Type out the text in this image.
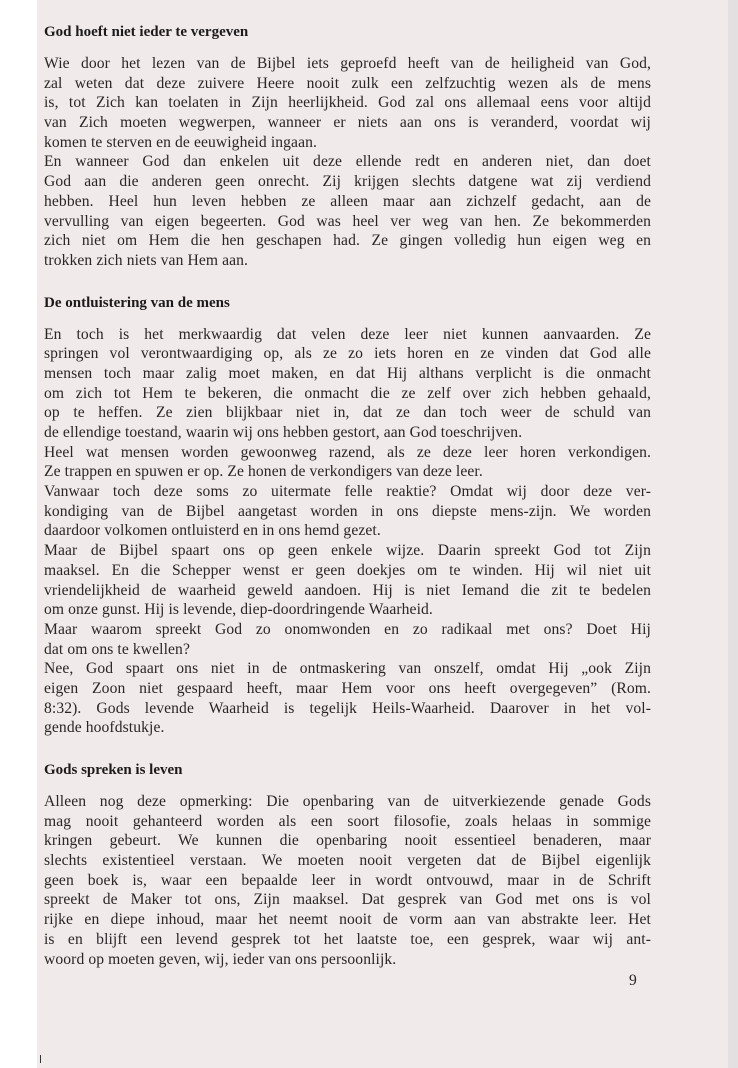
God hoeft niet ieder te vergeven
Wie door het lezen van de Bijbel iets geproefd heeft van de heiligheid van God,
zal weten dat deze zuivere Heere nooit zulk een zelfzuchtig wezen als de mens
is, tot Zich kan toelaten in Zijn heerlijkheid. God zal ons allemaal eens voor altijd
van Zich moeten wegwerpen, wanneer er niets aan ons is veranderd, voordat wij
komen te sterven en de eeuwigheid ingaan.
En wanneer God dan enkelen uit deze ellende redt en anderen niet, dan doet
God aan die anderen geen onrecht. Zij krijgen slechts datgene wat zij verdiend
hebben. Heel hun leven hebben ze alleen maar aan zichzelf gedacht, aan de
vervulling van eigen begeerten. God was heel ver weg van hen. Ze bekommerden
zich niet om Hem die hen geschapen had. Ze gingen volledig hun eigen weg en
trokken zich niets van Hem aan.
De ontluistering van de mens
En toch is het merkwaardig dat velen deze leer niet kunnen aanvaarden. Ze
springen vol verontwaardiging op, als ze zo iets horen en ze vinden dat God alle
mensen toch maar zalig moet maken, en dat Hij althans verplicht is die onmacht
om zich tot Hem te bekeren, die onmacht die ze zelf over zich hebben gehaald,
op te heffen. Ze zien blijkbaar niet in, dat ze dan toch weer de schuld van
de ellendige toestand, waarin wij ons hebben gestort, aan God toeschrijven.
Heel wat mensen worden gewoonweg razend, als ze deze leer horen verkondigen.
Ze trappen en spuwen er op. Ze honen de verkondigers van deze leer.
Vanwaar toch deze soms zo uitermate felle reaktie? Omdat wij door deze ver-
kondiging van de Bijbel aangetast worden in ons diepste mens-zijn. We worden
daardoor volkomen ontluisterd en in ons hemd gezet.
Maar de Bijbel spaart ons op geen enkele wijze. Daarin spreekt God tot Zijn
maaksel. En die Schepper wenst er geen doekjes om te winden. Hij wil niet uit
vriendelijkheid de waarheid geweld aandoen. Hij is niet Iemand die zit te bedelen
om onze gunst. Hij is levende, diep-doordringende Waarheid.
Maar waarom spreekt God zo onomwonden en zo radikaal met ons? Doet Hij
dat om ons te kwellen?
Nee, God spaart ons niet in de ontmaskering van onszelf, omdat Hij „ook Zijn
eigen Zoon niet gespaard heeft, maar Hem voor ons heeft overgegeven” (Rom.
8:32). Gods levende Waarheid is tegelijk Heils-Waarheid. Daarover in het vol-
gende hoofdstukje.
Gods spreken is leven
Alleen nog deze opmerking: Die openbaring van de uitverkiezende genade Gods
mag nooit gehanteerd worden als een soort filosofie, zoals helaas in sommige
kringen gebeurt. We kunnen die openbaring nooit essentieel benaderen, maar
slechts existentieel verstaan. We moeten nooit vergeten dat de Bijbel eigenlijk
geen boek is, waar een bepaalde leer in wordt ontvouwd, maar in de Schrift
spreekt de Maker tot ons, Zijn maaksel. Dat gesprek van God met ons is vol
rijke en diepe inhoud, maar het neemt nooit de vorm aan van abstrakte leer. Het
is en blijft een levend gesprek tot het laatste toe, een gesprek, waar wij ant-
woord op moeten geven, wij, ieder van ons persoonlijk.
9
